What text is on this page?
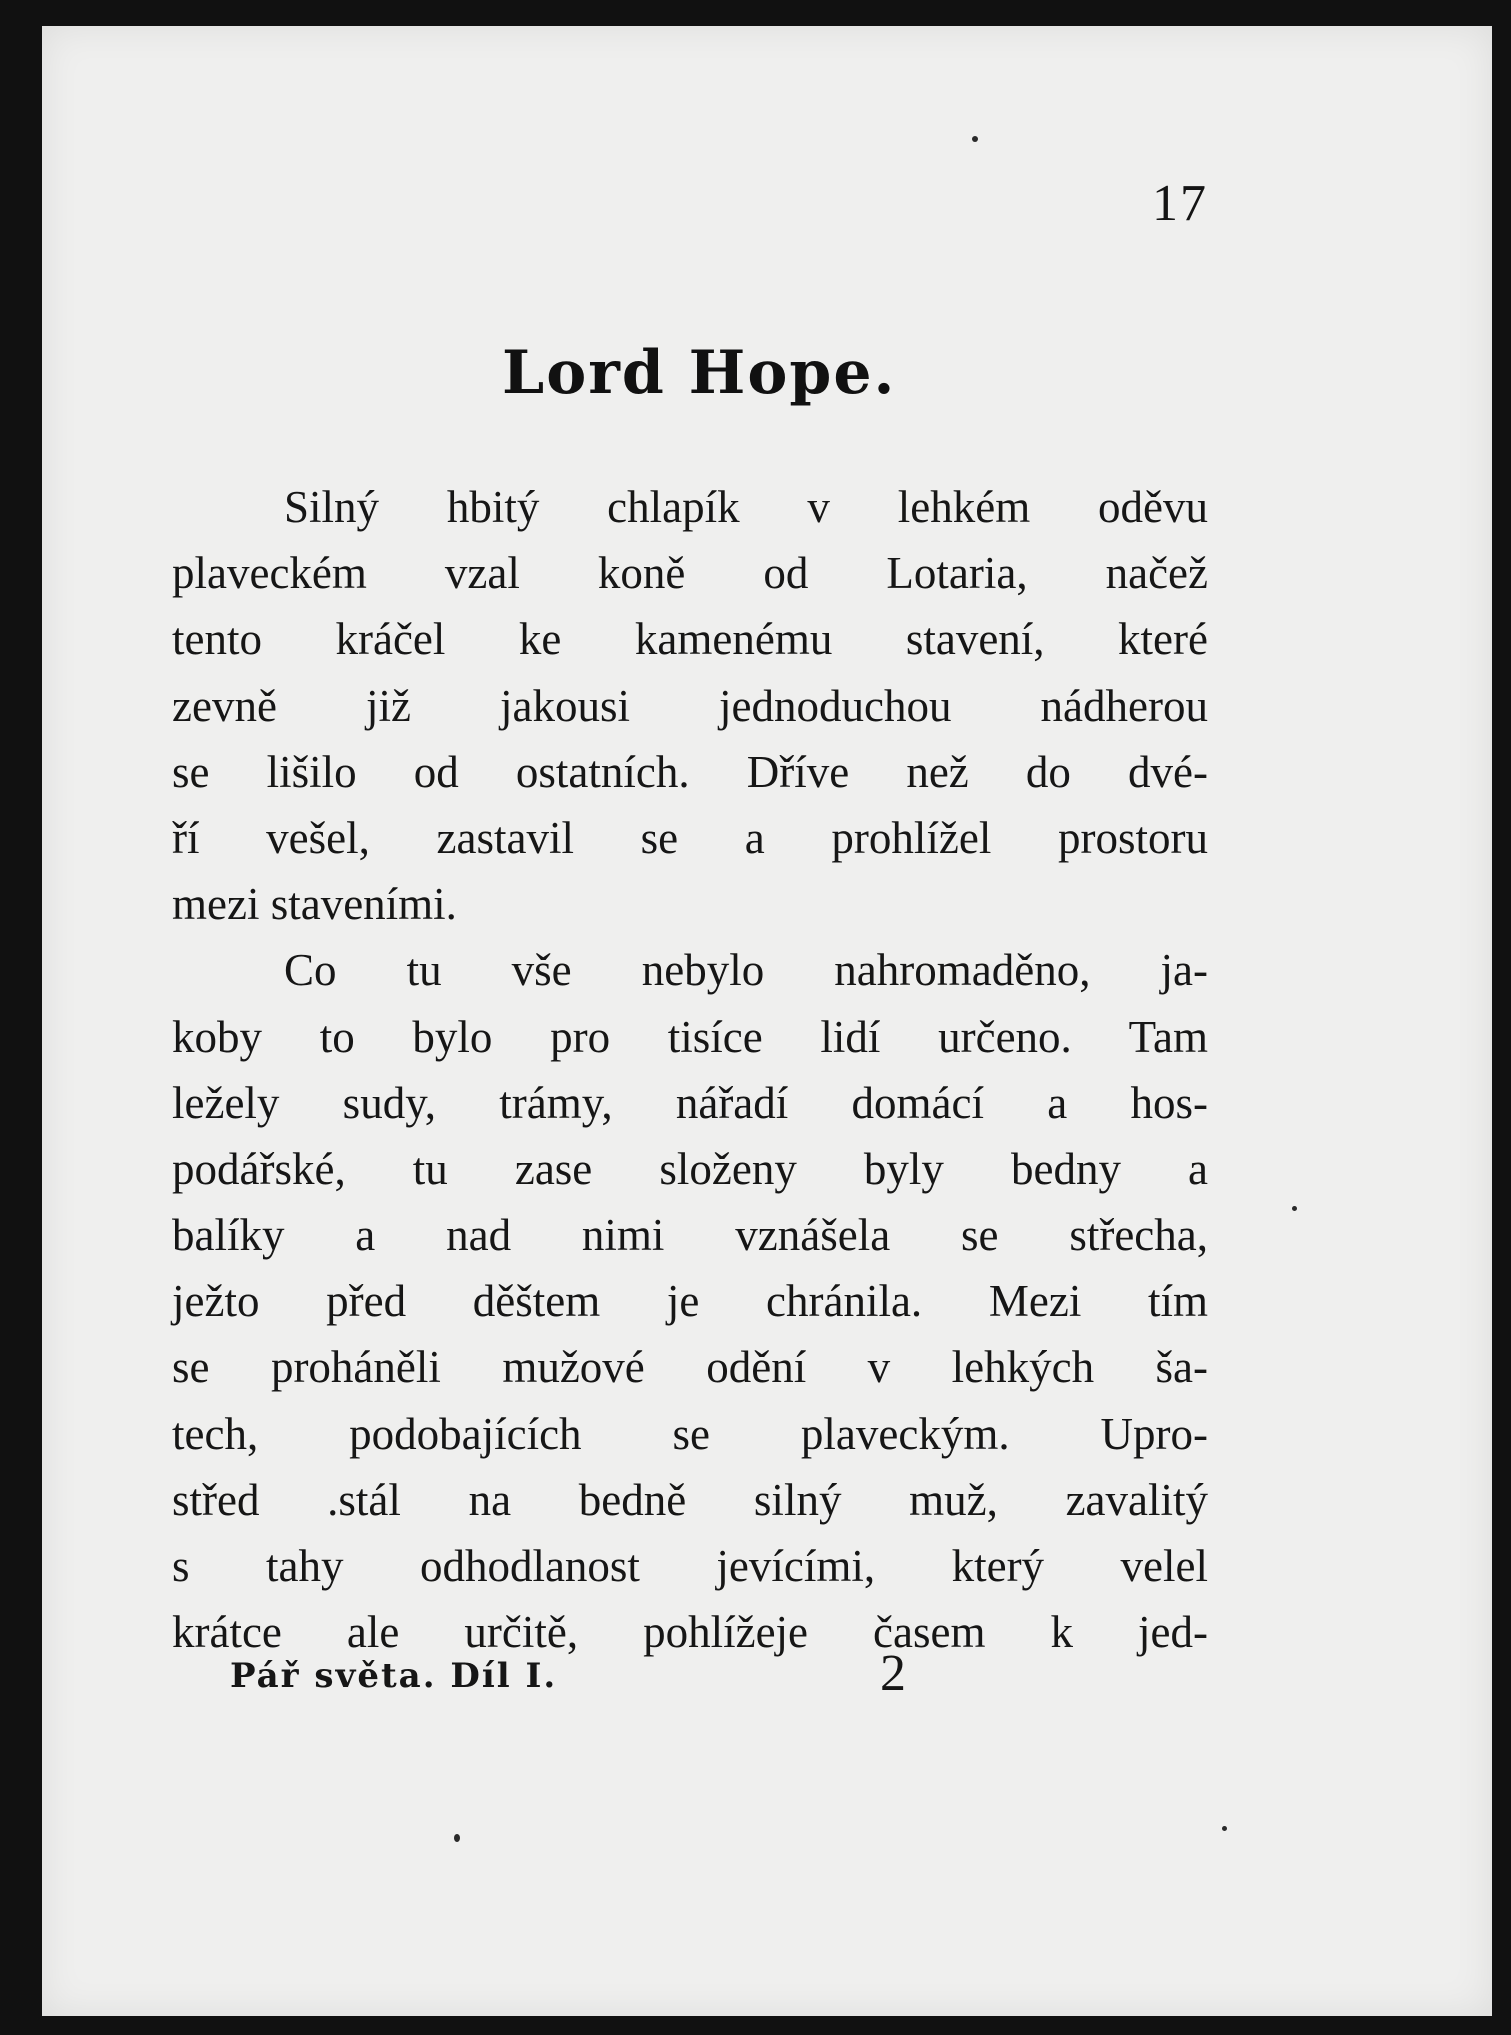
17
Lord Hope.
Silný hbitý chlapík v lehkém oděvu
plaveckém vzal koně od Lotaria, načež
tento kráčel ke kamenému stavení, které
zevně již jakousi jednoduchou nádherou
se lišilo od ostatních. Dříve než do dvé-
ří vešel, zastavil se a prohlížel prostoru
mezi staveními.
Co tu vše nebylo nahromaděno, ja-
koby to bylo pro tisíce lidí určeno. Tam
ležely sudy, trámy, nářadí domácí a hos-
podářské, tu zase složeny byly bedny a
balíky a nad nimi vznášela se střecha,
ježto před děštem je chránila. Mezi tím
se proháněli mužové odění v lehkých ša-
tech, podobajících se plaveckým. Upro-
střed .stál na bedně silný muž, zavalitý
s tahy odhodlanost jevícími, který velel
krátce ale určitě, pohlížeje časem k jed-
Pář světa. Díl I.	2
